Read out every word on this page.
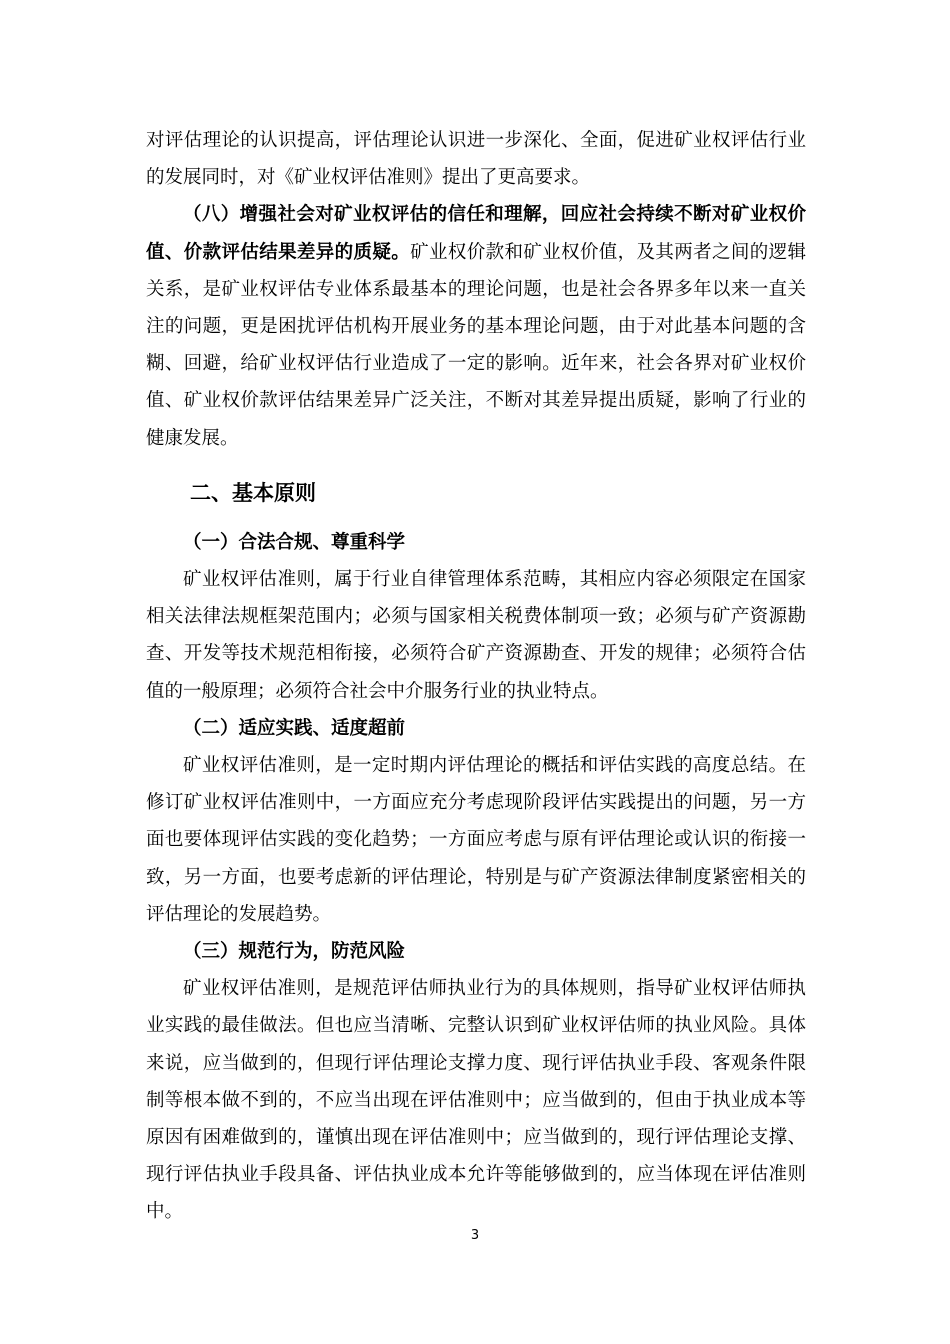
对评估理论的认识提高，评估理论认识进一步深化、全面，促进矿业权评估行业的发展同时，对《矿业权评估准则》提出了更高要求。

（八）增强社会对矿业权评估的信任和理解，回应社会持续不断对矿业权价值、价款评估结果差异的质疑。矿业权价款和矿业权价值，及其两者之间的逻辑关系，是矿业权评估专业体系最基本的理论问题，也是社会各界多年以来一直关注的问题，更是困扰评估机构开展业务的基本理论问题，由于对此基本问题的含糊、回避，给矿业权评估行业造成了一定的影响。近年来，社会各界对矿业权价值、矿业权价款评估结果差异广泛关注，不断对其差异提出质疑，影响了行业的健康发展。

二、基本原则

（一）合法合规、尊重科学

矿业权评估准则，属于行业自律管理体系范畴，其相应内容必须限定在国家相关法律法规框架范围内；必须与国家相关税费体制项一致；必须与矿产资源勘查、开发等技术规范相衔接，必须符合矿产资源勘查、开发的规律；必须符合估值的一般原理；必须符合社会中介服务行业的执业特点。

（二）适应实践、适度超前

矿业权评估准则，是一定时期内评估理论的概括和评估实践的高度总结。在修订矿业权评估准则中，一方面应充分考虑现阶段评估实践提出的问题，另一方面也要体现评估实践的变化趋势；一方面应考虑与原有评估理论或认识的衔接一致，另一方面，也要考虑新的评估理论，特别是与矿产资源法律制度紧密相关的评估理论的发展趋势。

（三）规范行为，防范风险

矿业权评估准则，是规范评估师执业行为的具体规则，指导矿业权评估师执业实践的最佳做法。但也应当清晰、完整认识到矿业权评估师的执业风险。具体来说，应当做到的，但现行评估理论支撑力度、现行评估执业手段、客观条件限制等根本做不到的，不应当出现在评估准则中；应当做到的，但由于执业成本等原因有困难做到的，谨慎出现在评估准则中；应当做到的，现行评估理论支撑、现行评估执业手段具备、评估执业成本允许等能够做到的，应当体现在评估准则中。

3
